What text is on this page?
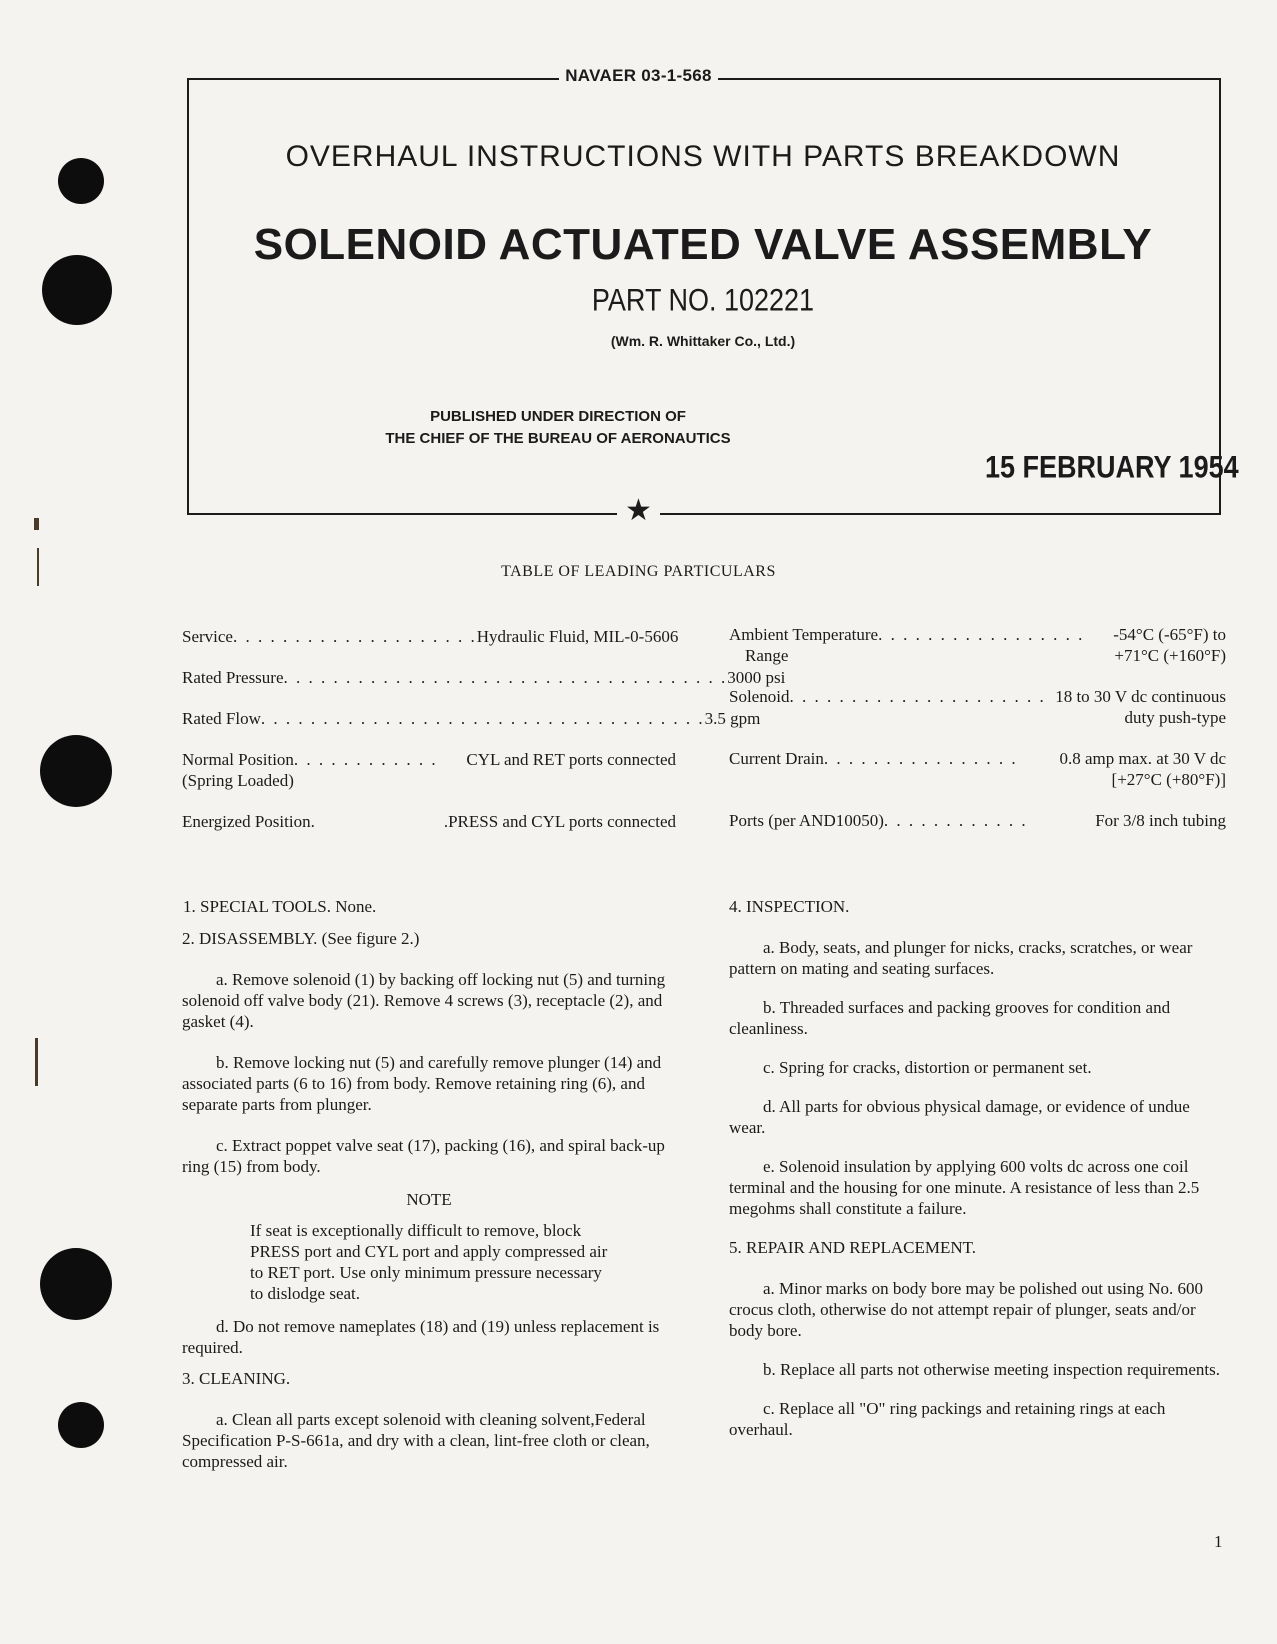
NAVAER 03-1-568
★
OVERHAUL INSTRUCTIONS WITH PARTS BREAKDOWN
SOLENOID ACTUATED VALVE ASSEMBLY
PART NO. 102221
(Wm. R. Whittaker Co., Ltd.)
PUBLISHED UNDER DIRECTION OF
THE CHIEF OF THE BUREAU OF AERONAUTICS
15 FEBRUARY 1954
TABLE OF LEADING PARTICULARS
Service . . . . . . . . . . . . . . . . . . . . Hydraulic Fluid, MIL-0-5606
Rated Pressure . . . . . . . . . . . . . . . . . . . . . . . . . . . . . . . . . . . . 3000 psi
Rated Flow . . . . . . . . . . . . . . . . . . . . . . . . . . . . . . . . . . . . 3.5 gpm
Normal Position . . . . . . . . . . . .	CYL and RET ports connected
(Spring Loaded)
Energized Position.	.PRESS and CYL ports connected
Ambient Temperature . . . . . . . . . . . . . . . . .	-54°C (-65°F) to
Range	+71°C (+160°F)
Solenoid . . . . . . . . . . . . . . . . . . . . . 18 to 30 V dc continuous
duty push-type
Current Drain . . . . . . . . . . . . . . . .	0.8 amp max. at 30 V dc
[+27°C (+80°F)]
Ports (per AND10050) . . . . . . . . . . . .	For 3/8 inch tubing

1. SPECIAL TOOLS. None.

2. DISASSEMBLY. (See figure 2.)

a. Remove solenoid (1) by backing off locking nut (5) and turning solenoid off valve body (21). Remove 4 screws (3), receptacle (2), and gasket (4).

b. Remove locking nut (5) and carefully remove plunger (14) and associated parts (6 to 16) from body. Remove retaining ring (6), and separate parts from plunger.

c. Extract poppet valve seat (17), packing (16), and spiral back-up ring (15) from body.

NOTE

If seat is exceptionally difficult to remove, block PRESS port and CYL port and apply compressed air to RET port. Use only minimum pressure necessary to dislodge seat.

d. Do not remove nameplates (18) and (19) unless replacement is required.

3. CLEANING.

a. Clean all parts except solenoid with cleaning solvent,Federal Specification P-S-661a, and dry with a clean, lint-free cloth or clean, compressed air.

4. INSPECTION.

a. Body, seats, and plunger for nicks, cracks, scratches, or wear pattern on mating and seating surfaces.

b. Threaded surfaces and packing grooves for condition and cleanliness.

c. Spring for cracks, distortion or permanent set.

d. All parts for obvious physical damage, or evidence of undue wear.

e. Solenoid insulation by applying 600 volts dc across one coil terminal and the housing for one minute. A resistance of less than 2.5 megohms shall constitute a failure.

5. REPAIR AND REPLACEMENT.

a. Minor marks on body bore may be polished out using No. 600 crocus cloth, otherwise do not attempt repair of plunger, seats and/or body bore.

b. Replace all parts not otherwise meeting inspection requirements.

c. Replace all "O" ring packings and retaining rings at each overhaul.

1
